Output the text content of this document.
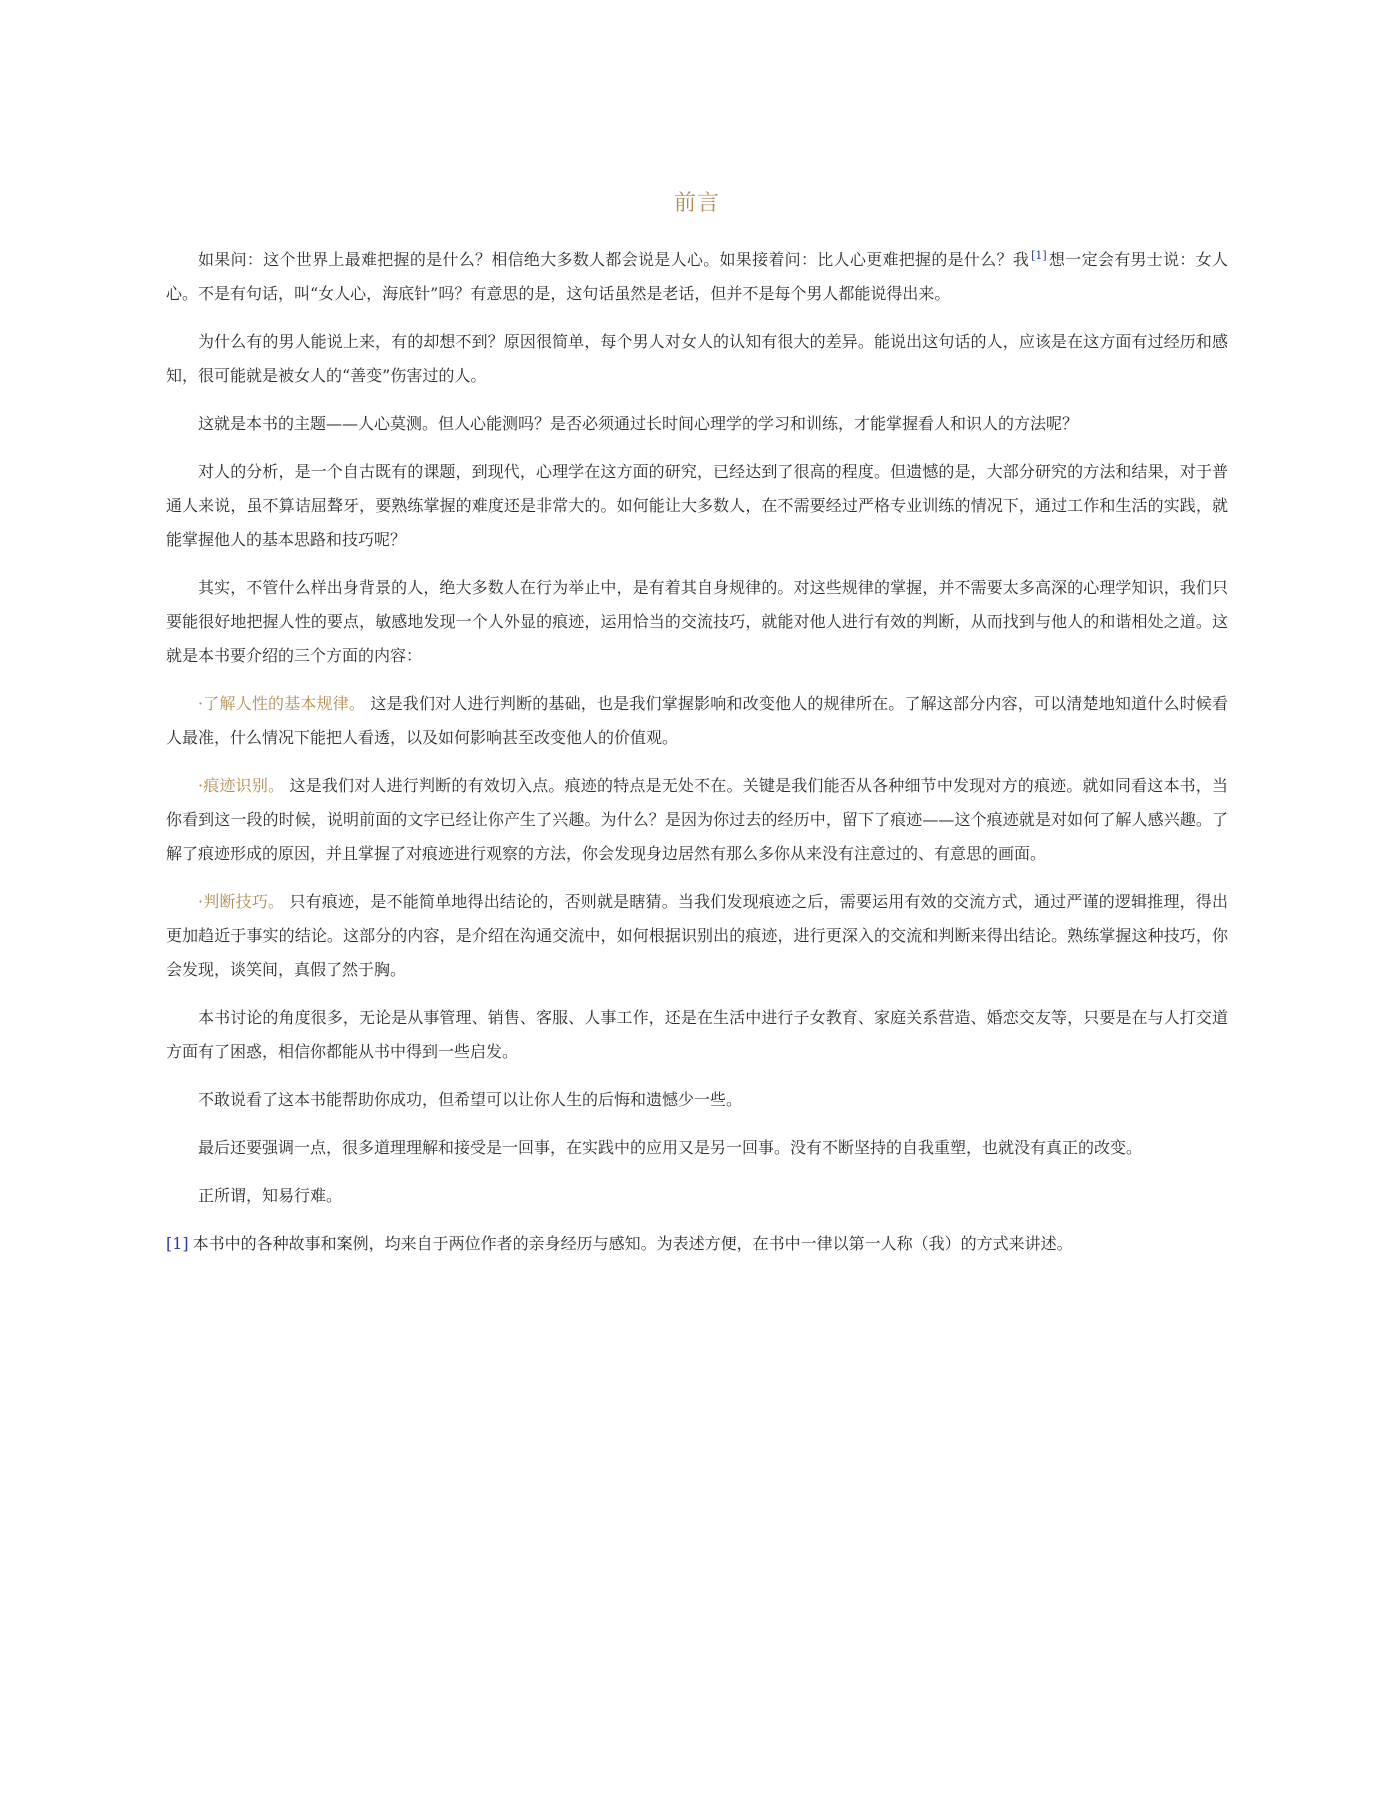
前言

如果问：这个世界上最难把握的是什么？相信绝大多数人都会说是人心。如果接着问：比人心更难把握的是什么？我 [1] 想一定会有男士说：女人心。不是有句话，叫“女人心，海底针”吗？有意思的是，这句话虽然是老话，但并不是每个男人都能说得出来。

为什么有的男人能说上来，有的却想不到？原因很简单，每个男人对女人的认知有很大的差异。能说出这句话的人，应该是在这方面有过经历和感知，很可能就是被女人的“善变”伤害过的人。

这就是本书的主题——人心莫测。但人心能测吗？是否必须通过长时间心理学的学习和训练，才能掌握看人和识人的方法呢？

对人的分析，是一个自古既有的课题，到现代，心理学在这方面的研究，已经达到了很高的程度。但遗憾的是，大部分研究的方法和结果，对于普通人来说，虽不算诘屈聱牙，要熟练掌握的难度还是非常大的。如何能让大多数人，在不需要经过严格专业训练的情况下，通过工作和生活的实践，就能掌握他人的基本思路和技巧呢？

其实，不管什么样出身背景的人，绝大多数人在行为举止中，是有着其自身规律的。对这些规律的掌握，并不需要太多高深的心理学知识，我们只要能很好地把握人性的要点，敏感地发现一个人外显的痕迹，运用恰当的交流技巧，就能对他人进行有效的判断，从而找到与他人的和谐相处之道。这就是本书要介绍的三个方面的内容：

·了解人性的基本规律。 这是我们对人进行判断的基础，也是我们掌握影响和改变他人的规律所在。了解这部分内容，可以清楚地知道什么时候看人最准，什么情况下能把人看透，以及如何影响甚至改变他人的价值观。

·痕迹识别。 这是我们对人进行判断的有效切入点。痕迹的特点是无处不在。关键是我们能否从各种细节中发现对方的痕迹。就如同看这本书，当你看到这一段的时候，说明前面的文字已经让你产生了兴趣。为什么？是因为你过去的经历中，留下了痕迹——这个痕迹就是对如何了解人感兴趣。了解了痕迹形成的原因，并且掌握了对痕迹进行观察的方法，你会发现身边居然有那么多你从来没有注意过的、有意思的画面。

·判断技巧。 只有痕迹，是不能简单地得出结论的，否则就是瞎猜。当我们发现痕迹之后，需要运用有效的交流方式，通过严谨的逻辑推理，得出更加趋近于事实的结论。这部分的内容，是介绍在沟通交流中，如何根据识别出的痕迹，进行更深入的交流和判断来得出结论。熟练掌握这种技巧，你会发现，谈笑间，真假了然于胸。

本书讨论的角度很多，无论是从事管理、销售、客服、人事工作，还是在生活中进行子女教育、家庭关系营造、婚恋交友等，只要是在与人打交道方面有了困惑，相信你都能从书中得到一些启发。

不敢说看了这本书能帮助你成功，但希望可以让你人生的后悔和遗憾少一些。

最后还要强调一点，很多道理理解和接受是一回事，在实践中的应用又是另一回事。没有不断坚持的自我重塑，也就没有真正的改变。

正所谓，知易行难。

[1] 本书中的各种故事和案例，均来自于两位作者的亲身经历与感知。为表述方便，在书中一律以第一人称（我）的方式来讲述。
